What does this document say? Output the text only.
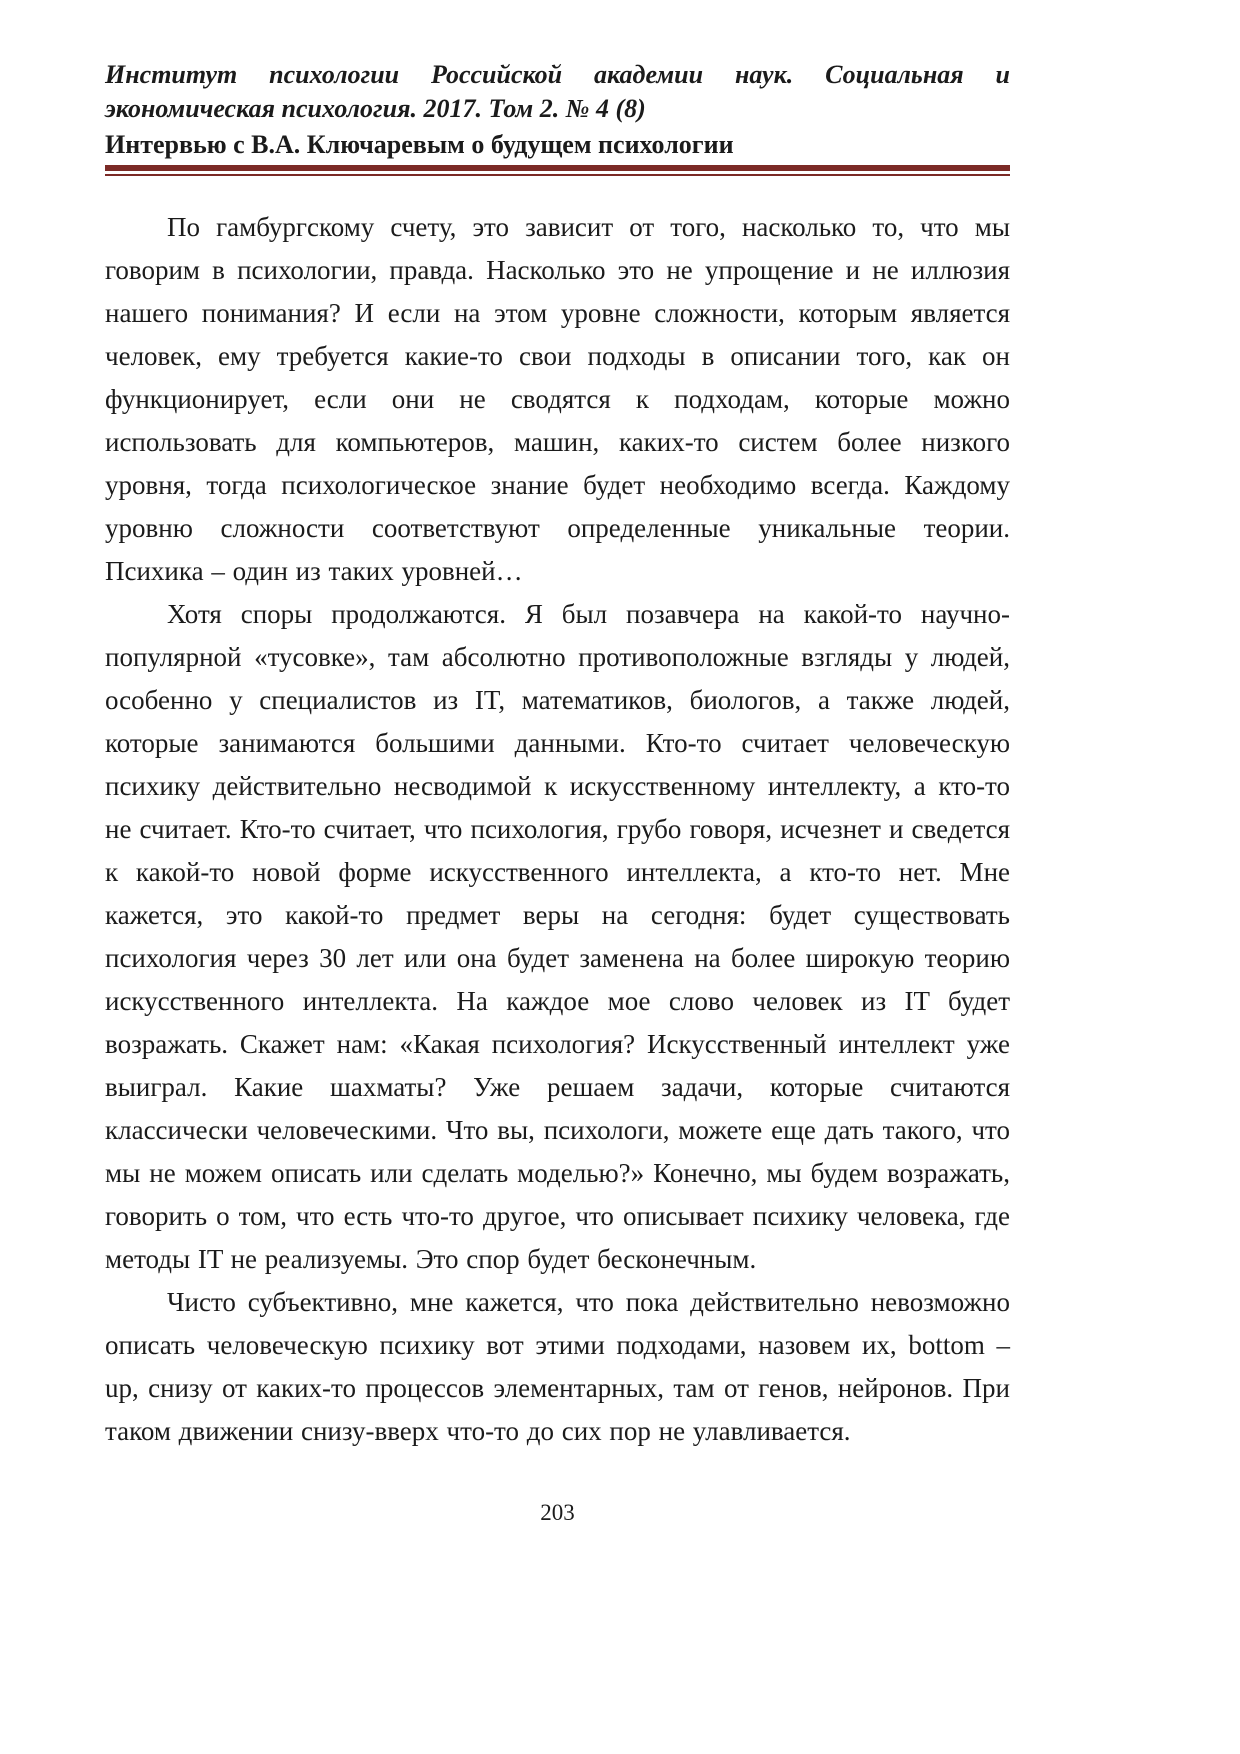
Институт психологии Российской академии наук. Социальная и экономическая психология. 2017. Том 2. № 4 (8)
Интервью с В.А. Ключаревым о будущем психологии

По гамбургскому счету, это зависит от того, насколько то, что мы говорим в психологии, правда. Насколько это не упрощение и не иллюзия нашего понимания? И если на этом уровне сложности, которым является человек, ему требуется какие-то свои подходы в описании того, как он функционирует, если они не сводятся к подходам, которые можно использовать для компьютеров, машин, каких-то систем более низкого уровня, тогда психологическое знание будет необходимо всегда. Каждому уровню сложности соответствуют определенные уникальные теории. Психика – один из таких уровней…

Хотя споры продолжаются. Я был позавчера на какой-то научно-популярной «тусовке», там абсолютно противоположные взгляды у людей, особенно у специалистов из IT, математиков, биологов, а также людей, которые занимаются большими данными. Кто-то считает человеческую психику действительно несводимой к искусственному интеллекту, а кто-то не считает. Кто-то считает, что психология, грубо говоря, исчезнет и сведется к какой-то новой форме искусственного интеллекта, а кто-то нет. Мне кажется, это какой-то предмет веры на сегодня: будет существовать психология через 30 лет или она будет заменена на более широкую теорию искусственного интеллекта. На каждое мое слово человек из IT будет возражать. Скажет нам: «Какая психология? Искусственный интеллект уже выиграл. Какие шахматы? Уже решаем задачи, которые считаются классически человеческими. Что вы, психологи, можете еще дать такого, что мы не можем описать или сделать моделью?» Конечно, мы будем возражать, говорить о том, что есть что-то другое, что описывает психику человека, где методы IT не реализуемы. Это спор будет бесконечным.

Чисто субъективно, мне кажется, что пока действительно невозможно описать человеческую психику вот этими подходами, назовем их, bottom – up, снизу от каких-то процессов элементарных, там от генов, нейронов. При таком движении снизу-вверх что-то до сих пор не улавливается.

203
